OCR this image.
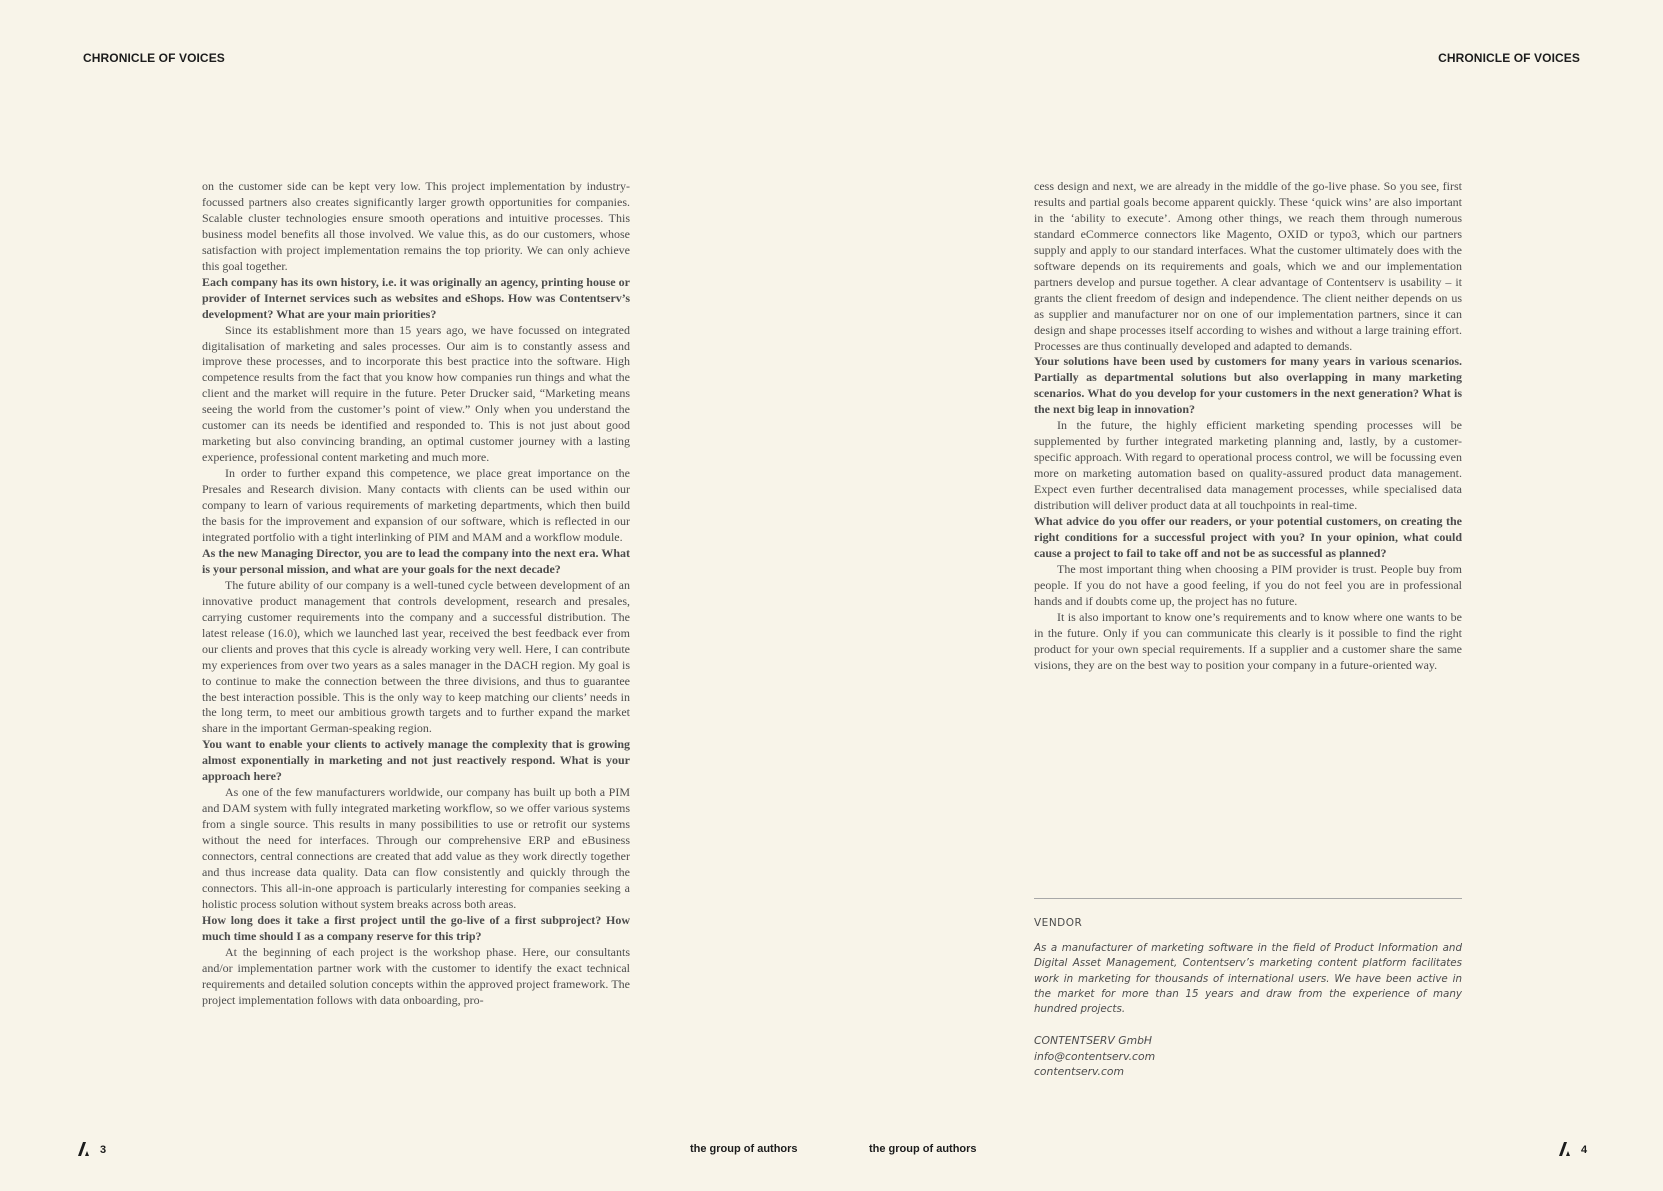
CHRONICLE OF VOICES	CHRONICLE OF VOICES

on the customer side can be kept very low. This project implementation by industry-focussed partners also creates significantly larger growth opportunities for companies. Scalable cluster technologies ensure smooth operations and intuitive processes. This business model benefits all those involved. We value this, as do our customers, whose satisfaction with project implementation remains the top priority. We can only achieve this goal together.

Each company has its own history, i.e. it was originally an agency, printing house or provider of Internet services such as websites and eShops. How was Contentserv’s development? What are your main priorities?

Since its establishment more than 15 years ago, we have focussed on integrated digitalisation of marketing and sales processes. Our aim is to constantly assess and improve these processes, and to incorporate this best practice into the software. High competence results from the fact that you know how companies run things and what the client and the market will require in the future. Peter Drucker said, “Marketing means seeing the world from the customer’s point of view.” Only when you understand the customer can its needs be identified and responded to. This is not just about good marketing but also convincing branding, an optimal customer journey with a lasting experience, professional content marketing and much more.

In order to further expand this competence, we place great importance on the Presales and Research division. Many contacts with clients can be used within our company to learn of various requirements of marketing departments, which then build the basis for the improvement and expansion of our software, which is reflected in our integrated portfolio with a tight interlinking of PIM and MAM and a workflow module.

As the new Managing Director, you are to lead the company into the next era. What is your personal mission, and what are your goals for the next decade?

The future ability of our company is a well-tuned cycle between development of an innovative product management that controls development, research and presales, carrying customer requirements into the company and a successful distribution. The latest release (16.0), which we launched last year, received the best feedback ever from our clients and proves that this cycle is already working very well. Here, I can contribute my experiences from over two years as a sales manager in the DACH region. My goal is to continue to make the connection between the three divisions, and thus to guarantee the best interaction possible. This is the only way to keep matching our clients’ needs in the long term, to meet our ambitious growth targets and to further expand the market share in the important German-speaking region.

You want to enable your clients to actively manage the complexity that is growing almost exponentially in marketing and not just reactively respond. What is your approach here?

As one of the few manufacturers worldwide, our company has built up both a PIM and DAM system with fully integrated marketing workflow, so we offer various systems from a single source. This results in many possibilities to use or retrofit our systems without the need for interfaces. Through our comprehensive ERP and eBusiness connectors, central connections are created that add value as they work directly together and thus increase data quality. Data can flow consistently and quickly through the connectors. This all-in-one approach is particularly interesting for companies seeking a holistic process solution without system breaks across both areas.

How long does it take a first project until the go-live of a first subproject? How much time should I as a company reserve for this trip?

At the beginning of each project is the workshop phase. Here, our consultants and/or implementation partner work with the customer to identify the exact technical requirements and detailed solution concepts within the approved project framework. The project implementation follows with data onboarding, pro-

cess design and next, we are already in the middle of the go-live phase. So you see, first results and partial goals become apparent quickly. These ‘quick wins’ are also important in the ‘ability to execute’. Among other things, we reach them through numerous standard eCommerce connectors like Magento, OXID or typo3, which our partners supply and apply to our standard interfaces. What the customer ultimately does with the software depends on its requirements and goals, which we and our implementation partners develop and pursue together. A clear advantage of Contentserv is usability – it grants the client freedom of design and independence. The client neither depends on us as supplier and manufacturer nor on one of our implementation partners, since it can design and shape processes itself according to wishes and without a large training effort. Processes are thus continually developed and adapted to demands.

Your solutions have been used by customers for many years in various scenarios. Partially as departmental solutions but also overlapping in many marketing scenarios. What do you develop for your customers in the next generation? What is the next big leap in innovation?

In the future, the highly efficient marketing spending processes will be supplemented by further integrated marketing planning and, lastly, by a customer-specific approach. With regard to operational process control, we will be focussing even more on marketing automation based on quality-assured product data management. Expect even further decentralised data management processes, while specialised data distribution will deliver product data at all touchpoints in real-time.

What advice do you offer our readers, or your potential customers, on creating the right conditions for a successful project with you? In your opinion, what could cause a project to fail to take off and not be as successful as planned?

The most important thing when choosing a PIM provider is trust. People buy from people. If you do not have a good feeling, if you do not feel you are in professional hands and if doubts come up, the project has no future.

It is also important to know one’s requirements and to know where one wants to be in the future. Only if you can communicate this clearly is it possible to find the right product for your own special requirements. If a supplier and a customer share the same visions, they are on the best way to position your company in a future-oriented way.

VENDOR

As a manufacturer of marketing software in the field of Product Information and Digital Asset Management, Contentserv’s marketing content platform facilitates work in marketing for thousands of international users. We have been active in the market for more than 15 years and draw from the experience of many hundred projects.

CONTENTSERV GmbH

info@contentserv.com

contentserv.com

3	the group of authors	the group of authors	4
